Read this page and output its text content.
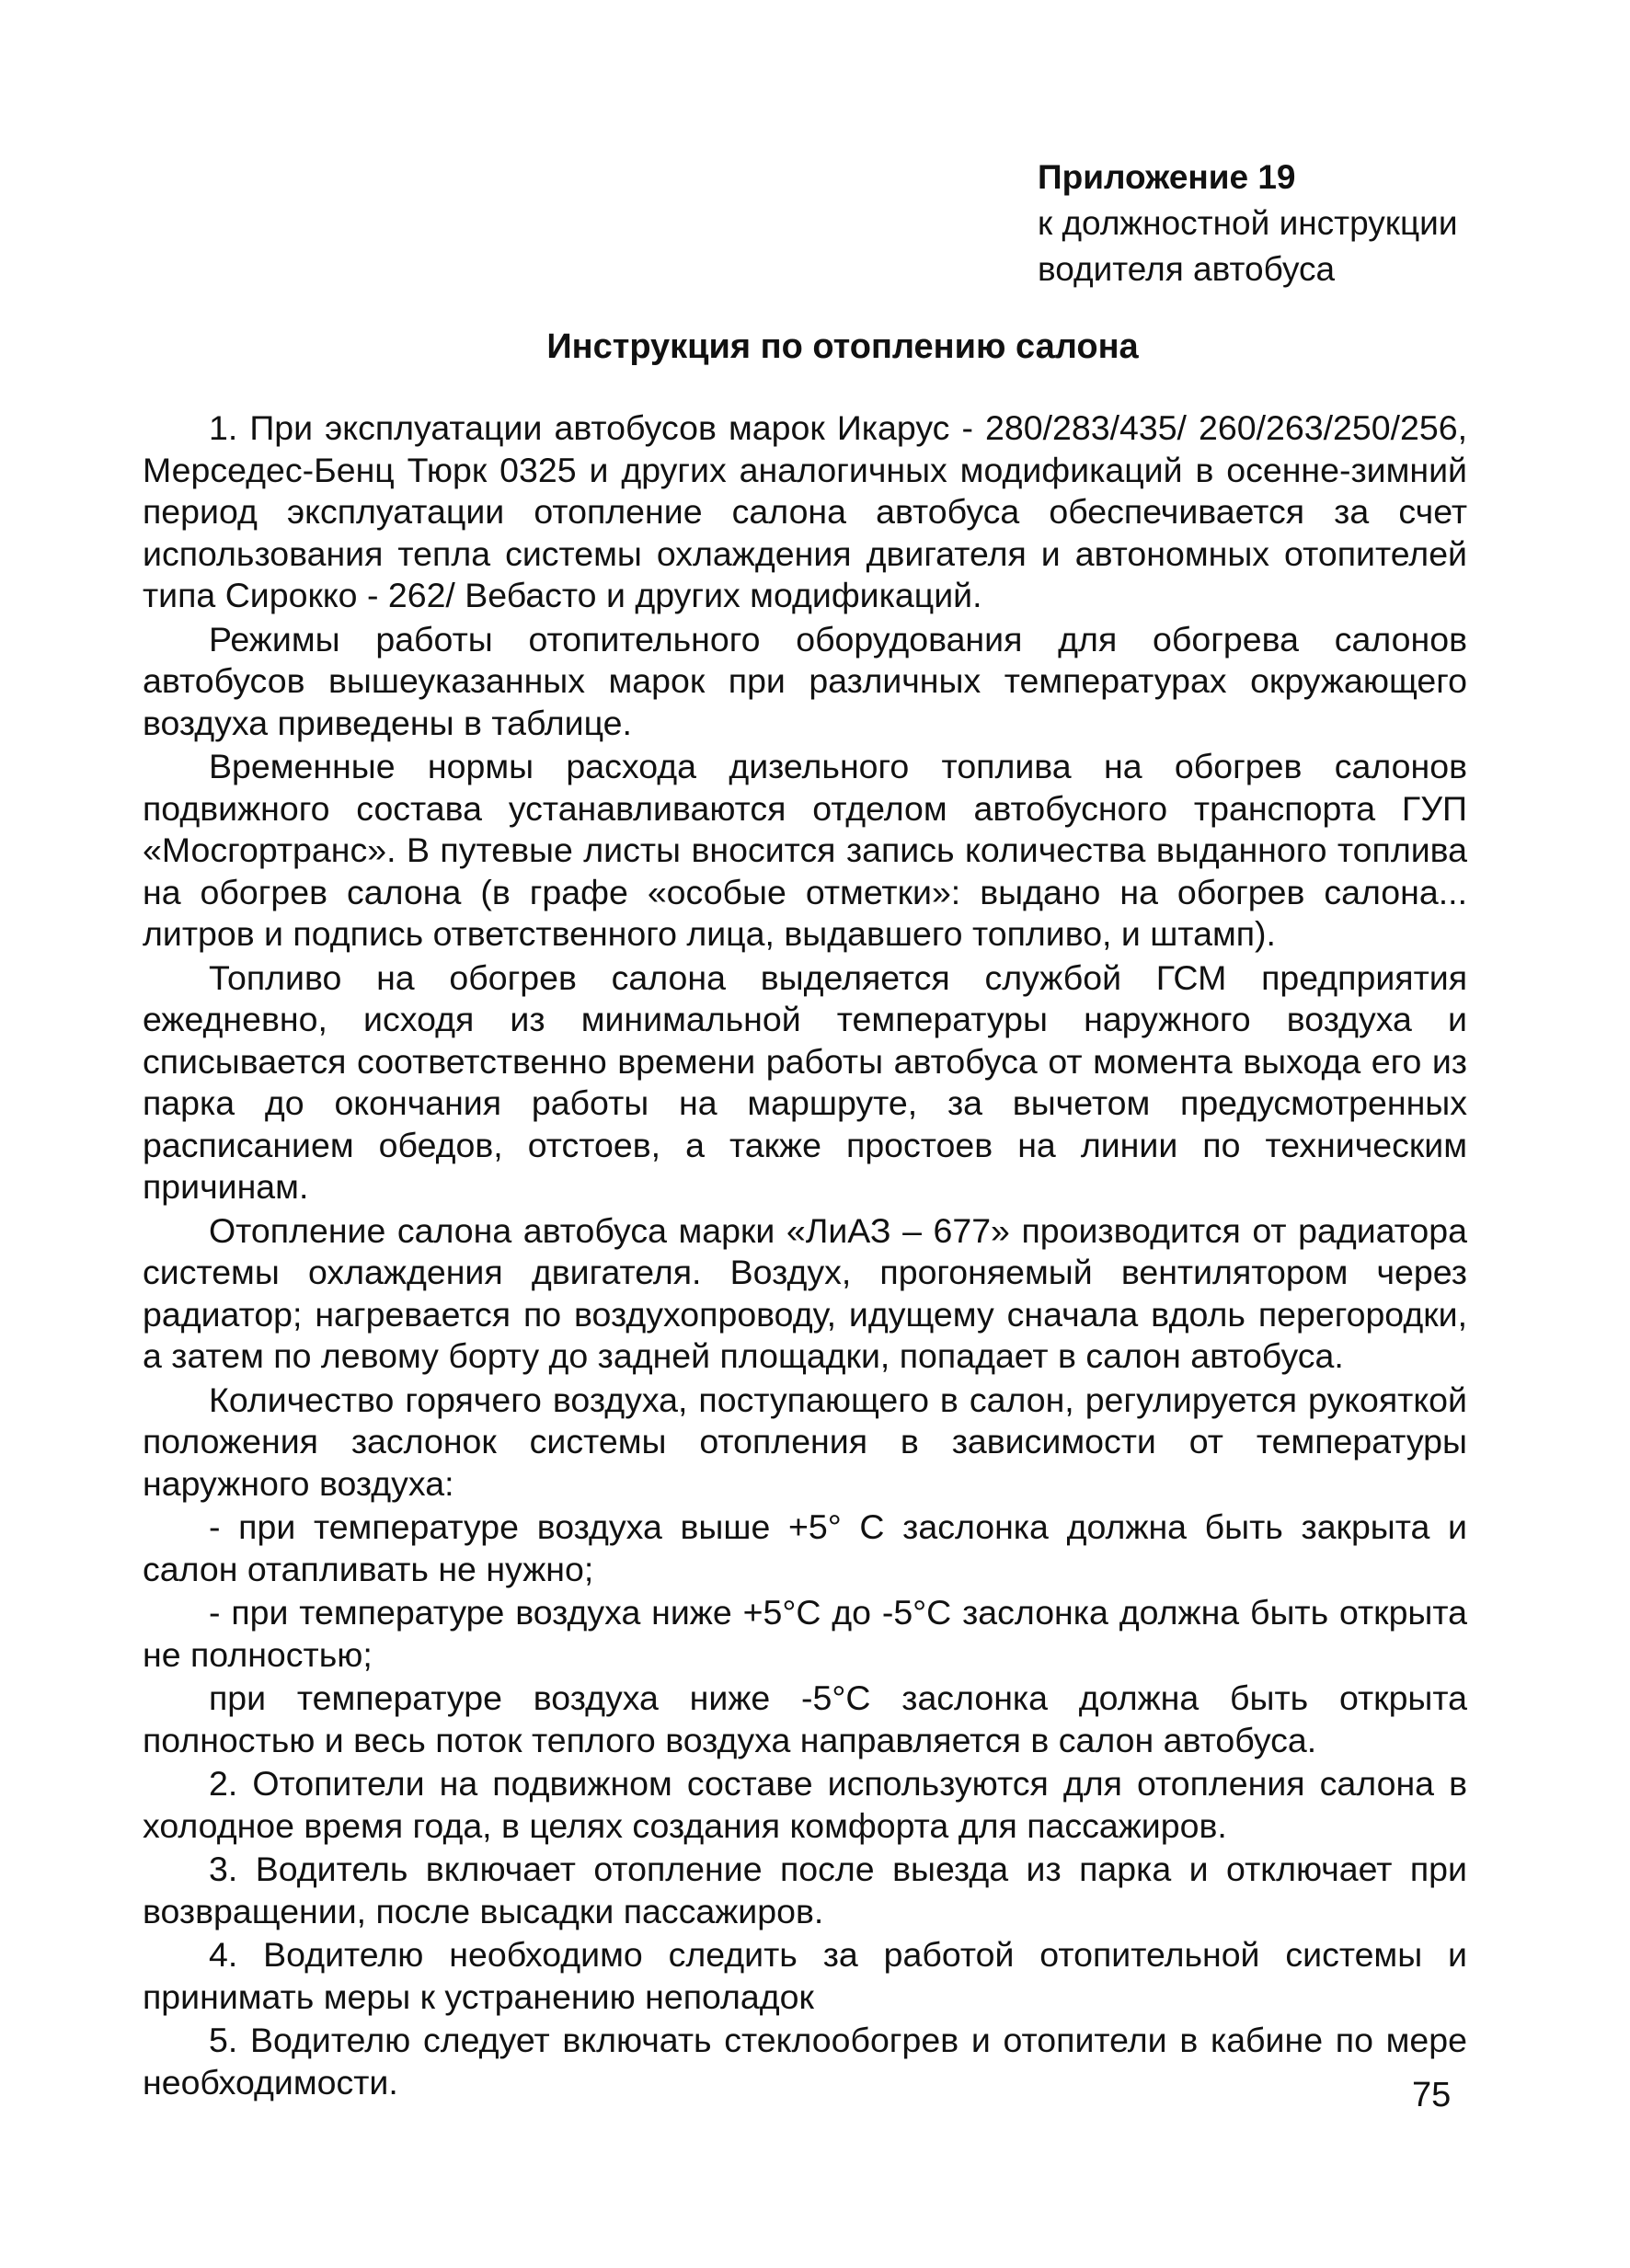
Приложение 19
к должностной инструкции
водителя автобуса
Инструкция по отоплению салона

1. При эксплуатации автобусов марок Икарус - 280/283/435/ 260/263/250/256, Мерседес-Бенц Тюрк 0325 и других аналогичных модификаций в осенне-зимний период эксплуатации отопление салона автобуса обеспечивается за счет использования тепла системы охлаждения двигателя и автономных отопителей типа Сирокко - 262/ Вебасто и других модификаций.

Режимы работы отопительного оборудования для обогрева салонов автобусов вышеуказанных марок при различных температурах окружающего воздуха приведены в таблице.

Временные нормы расхода дизельного топлива на обогрев салонов подвижного состава устанавливаются отделом автобусного транспорта ГУП «Мосгортранс». В путевые листы вносится запись количества выданного топлива на обогрев салона (в графе «особые отметки»: выдано на обогрев салона... литров и подпись ответственного лица, выдавшего топливо, и штамп).

Топливо на обогрев салона выделяется службой ГСМ предприятия ежедневно, исходя из минимальной температуры наружного воздуха и списывается соответственно времени работы автобуса от момента выхода его из парка до окончания работы на маршруте, за вычетом предусмотренных расписанием обедов, отстоев, а также простоев на линии по техническим причинам.

Отопление салона автобуса марки «ЛиАЗ – 677» производится от радиатора системы охлаждения двигателя. Воздух, прогоняемый вентилятором через радиатор; нагревается по воздухопроводу, идущему сначала вдоль перегородки, а затем по левому борту до задней площадки, попадает в салон автобуса.

Количество горячего воздуха, поступающего в салон, регулируется рукояткой положения заслонок системы отопления в зависимости от температуры наружного воздуха:

- при температуре воздуха выше +5° С заслонка должна быть закрыта и салон отапливать не нужно;

- при температуре воздуха ниже +5°С до -5°С заслонка должна быть открыта не полностью;

при температуре воздуха ниже -5°С заслонка должна быть открыта полностью и весь поток теплого воздуха направляется в салон автобуса.

2. Отопители на подвижном составе используются для отопления салона в холодное время года, в целях создания комфорта для пассажиров.

3. Водитель включает отопление после выезда из парка и отключает при возвращении, после высадки пассажиров.

4. Водителю необходимо следить за работой отопительной системы и принимать меры к устранению неполадок

5. Водителю следует включать стеклообогрев и отопители в кабине по мере необходимости.	75
